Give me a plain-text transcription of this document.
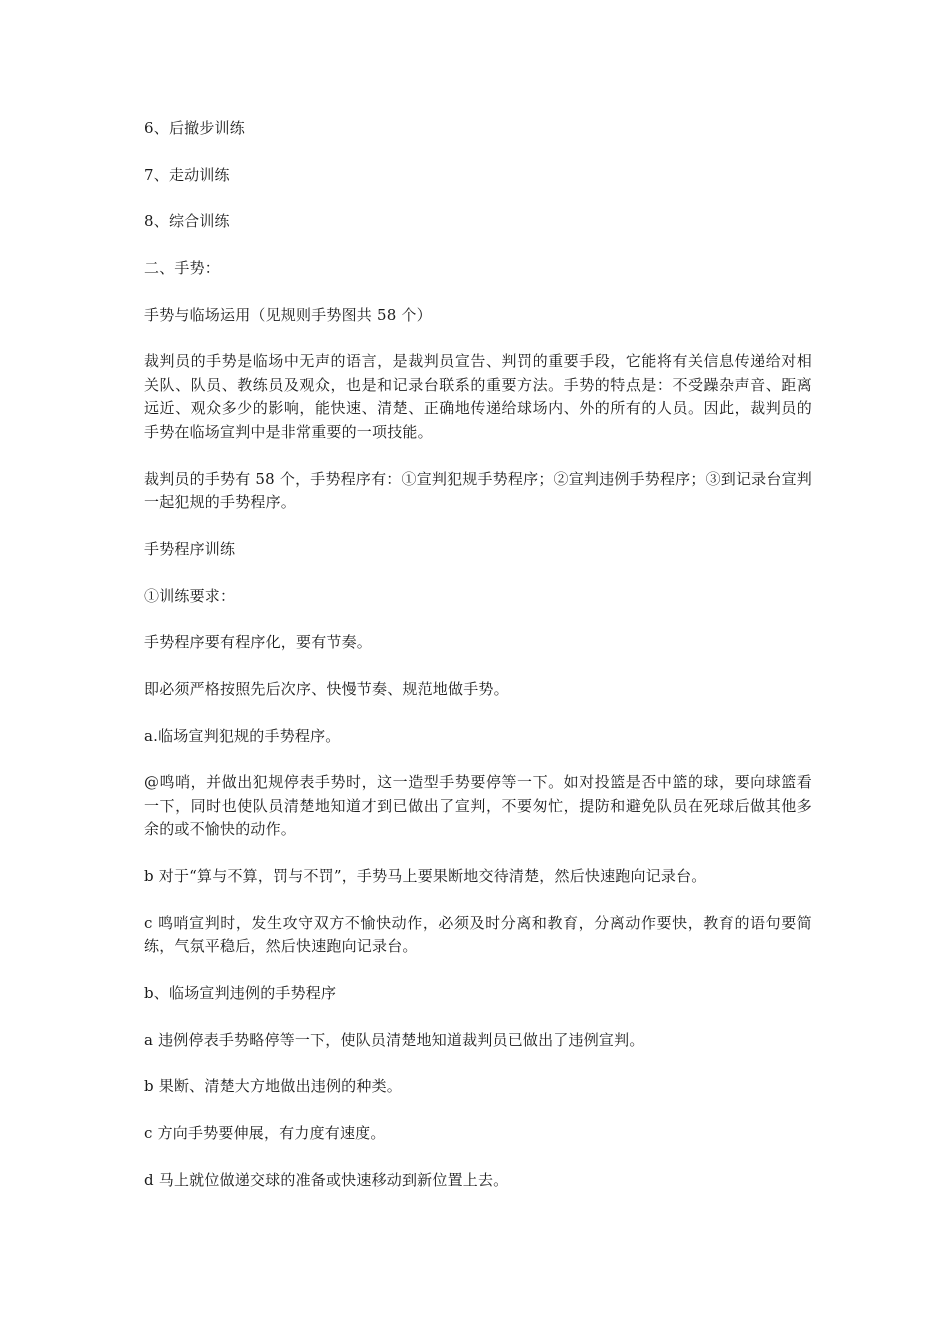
6、后撤步训练

7、走动训练

8、综合训练

二、手势：

手势与临场运用（见规则手势图共 58 个）

裁判员的手势是临场中无声的语言，是裁判员宣告、判罚的重要手段，它能将有关信息传递给对相关队、队员、教练员及观众，也是和记录台联系的重要方法。手势的特点是：不受躁杂声音、距离远近、观众多少的影响，能快速、清楚、正确地传递给球场内、外的所有的人员。因此，裁判员的手势在临场宣判中是非常重要的一项技能。

裁判员的手势有 58 个，手势程序有：①宣判犯规手势程序；②宣判违例手势程序；③到记录台宣判一起犯规的手势程序。

手势程序训练

①训练要求：

手势程序要有程序化，要有节奏。

即必须严格按照先后次序、快慢节奏、规范地做手势。

a.临场宣判犯规的手势程序。

@鸣哨，并做出犯规停表手势时，这一造型手势要停等一下。如对投篮是否中篮的球，要向球篮看一下，同时也使队员清楚地知道才到已做出了宣判，不要匆忙，提防和避免队员在死球后做其他多余的或不愉快的动作。

b 对于“算与不算，罚与不罚”，手势马上要果断地交待清楚，然后快速跑向记录台。

c 鸣哨宣判时，发生攻守双方不愉快动作，必须及时分离和教育，分离动作要快，教育的语句要简练，气氛平稳后，然后快速跑向记录台。

b、临场宣判违例的手势程序

a 违例停表手势略停等一下，使队员清楚地知道裁判员已做出了违例宣判。

b 果断、清楚大方地做出违例的种类。

c 方向手势要伸展，有力度有速度。

d 马上就位做递交球的准备或快速移动到新位置上去。
